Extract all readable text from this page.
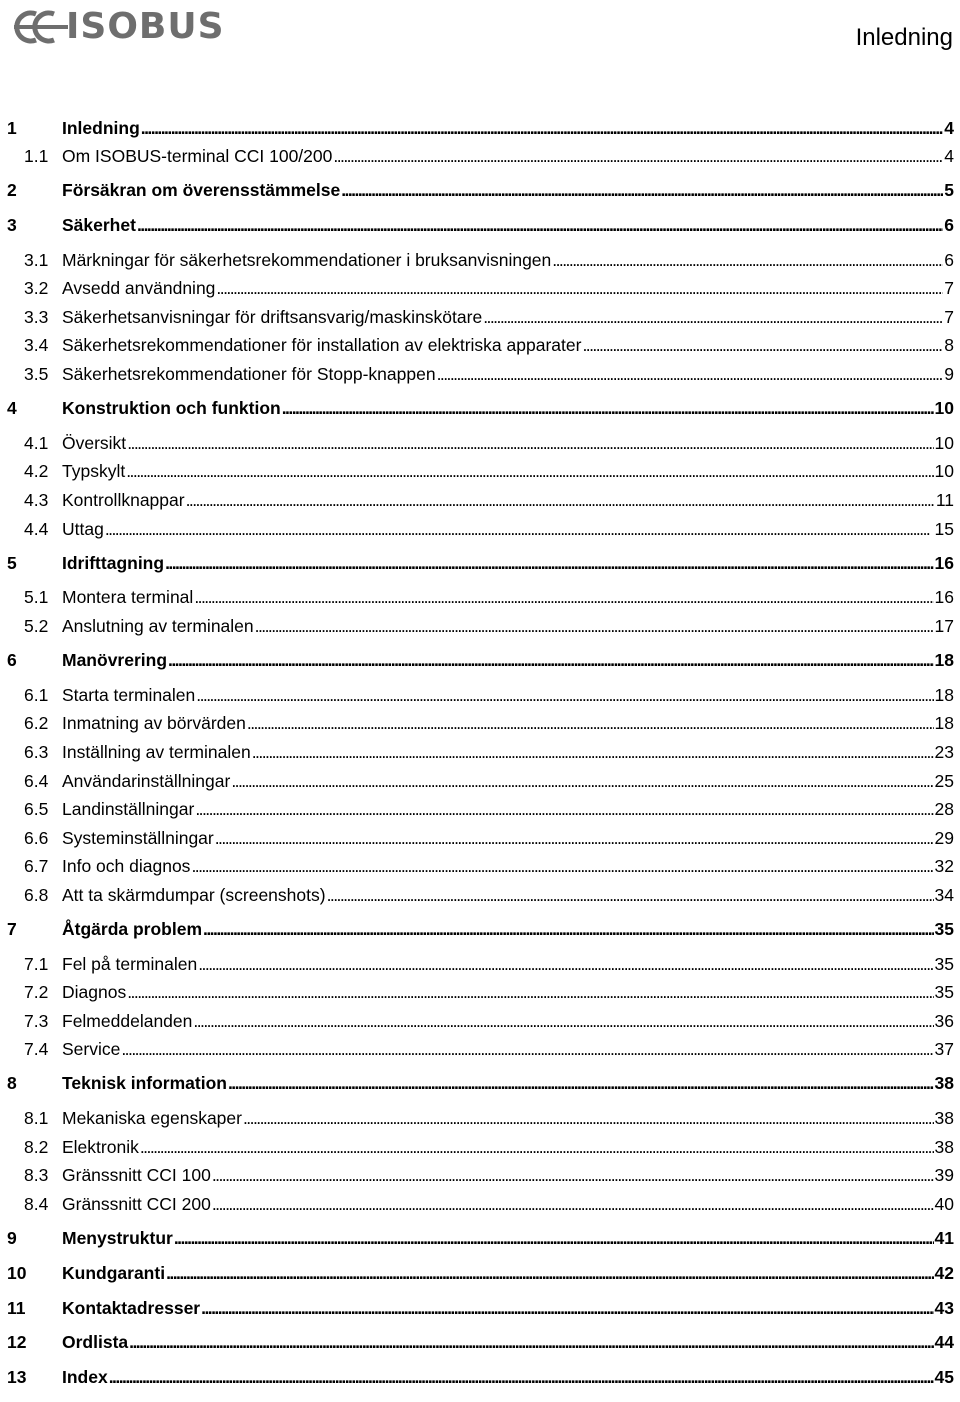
ISOBUS	Inledning
1	Inledning . . .	4
1.1 Om ISOBUS-terminal CCI 100/200 . . .	4
2	Försäkran om överensstämmelse . . .	5
3	Säkerhet . . .	6
3.1 Märkningar för säkerhetsrekommendationer i bruksanvisningen . . .	6
3.2 Avsedd användning . . .	7
3.3 Säkerhetsanvisningar för driftsansvarig/maskinskötare . . .	7
3.4 Säkerhetsrekommendationer för installation av elektriska apparater . . .	8
3.5 Säkerhetsrekommendationer för Stopp-knappen . . .	9
4	Konstruktion och funktion . . .	10
4.1 Översikt . . .	10
4.2 Typskylt . . .	10
4.3 Kontrollknappar . . .	11
4.4 Uttag . . .	15
5	Idrifttagning . . .	16
5.1 Montera terminal . . .	16
5.2 Anslutning av terminalen . . .	17
6	Manövrering . . .	18
6.1 Starta terminalen . . .	18
6.2 Inmatning av börvärden . . .	18
6.3 Inställning av terminalen . . .	23
6.4 Användarinställningar . . .	25
6.5 Landinställningar . . .	28
6.6 Systeminställningar . . .	29
6.7 Info och diagnos . . .	32
6.8 Att ta skärmdumpar (screenshots) . . .	34
7	Åtgärda problem . . .	35
7.1 Fel på terminalen . . .	35
7.2 Diagnos . . .	35
7.3 Felmeddelanden . . .	36
7.4 Service . . .	37
8	Teknisk information . . .	38
8.1 Mekaniska egenskaper . . .	38
8.2 Elektronik . . .	38
8.3 Gränssnitt CCI 100 . . .	39
8.4 Gränssnitt CCI 200 . . .	40
9	Menystruktur . . .	41
10	Kundgaranti . . .	42
11	Kontaktadresser . . .	43
12	Ordlista . . .	44
13	Index . . .	45
